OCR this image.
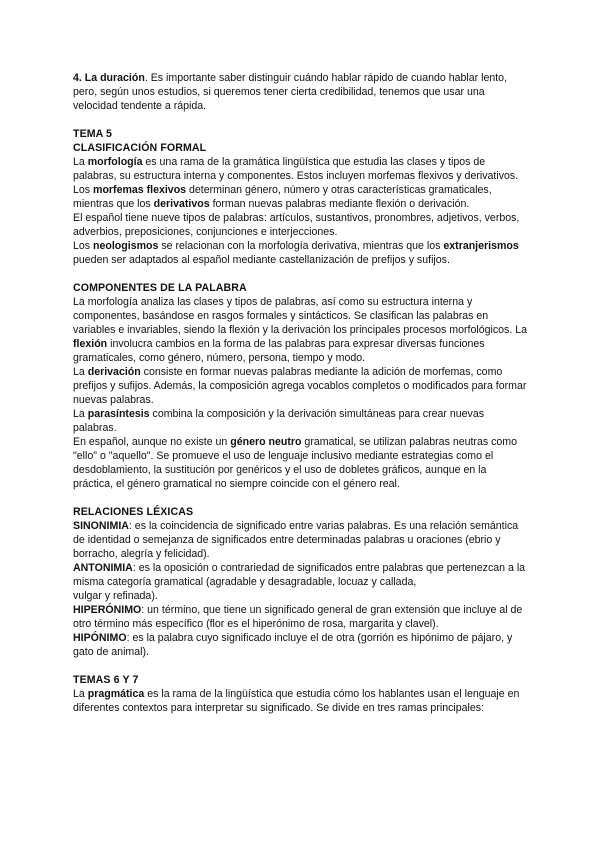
4. La duración. Es importante saber distinguir cuándo hablar rápido de cuando hablar lento, pero, según unos estudios, si queremos tener cierta credibilidad, tenemos que usar una velocidad tendente a rápida.

TEMA 5
CLASIFICACIÓN FORMAL

La morfología es una rama de la gramática lingüística que estudia las clases y tipos de palabras, su estructura interna y componentes. Estos incluyen morfemas flexivos y derivativos. Los morfemas flexivos determinan género, número y otras características gramaticales, mientras que los derivativos forman nuevas palabras mediante flexión o derivación.

El español tiene nueve tipos de palabras: artículos, sustantivos, pronombres, adjetivos, verbos, adverbios, preposiciones, conjunciones e interjecciones.

Los neologismos se relacionan con la morfología derivativa, mientras que los extranjerismos pueden ser adaptados al español mediante castellanización de prefijos y sufijos.

COMPONENTES DE LA PALABRA

La morfología analiza las clases y tipos de palabras, así como su estructura interna y componentes, basándose en rasgos formales y sintácticos. Se clasifican las palabras en variables e invariables, siendo la flexión y la derivación los principales procesos morfológicos. La flexión involucra cambios en la forma de las palabras para expresar diversas funciones gramaticales, como género, número, persona, tiempo y modo.

La derivación consiste en formar nuevas palabras mediante la adición de morfemas, como prefijos y sufijos. Además, la composición agrega vocablos completos o modificados para formar nuevas palabras.

La parasíntesis combina la composición y la derivación simultáneas para crear nuevas palabras.

En español, aunque no existe un género neutro gramatical, se utilizan palabras neutras como "ello" o "aquello". Se promueve el uso de lenguaje inclusivo mediante estrategias como el desdoblamiento, la sustitución por genéricos y el uso de dobletes gráficos, aunque en la práctica, el género gramatical no siempre coincide con el género real.

RELACIONES LÉXICAS

SINONIMIA: es la coincidencia de significado entre varias palabras. Es una relación semántica de identidad o semejanza de significados entre determinadas palabras u oraciones (ebrio y borracho, alegría y felicidad).

ANTONIMIA: es la oposición o contrariedad de significados entre palabras que pertenezcan a la misma categoría gramatical (agradable y desagradable, locuaz y callada,

vulgar y refinada).

HIPERÓNIMO: un término, que tiene un significado general de gran extensión que incluye al de otro término más específico (flor es el hiperónimo de rosa, margarita y clavel).

HIPÓNIMO: es la palabra cuyo significado incluye el de otra (gorrión es hipónimo de pájaro, y gato de animal).

TEMAS 6 Y 7

La pragmática es la rama de la lingüística que estudia cómo los hablantes usan el lenguaje en diferentes contextos para interpretar su significado. Se divide en tres ramas principales:
